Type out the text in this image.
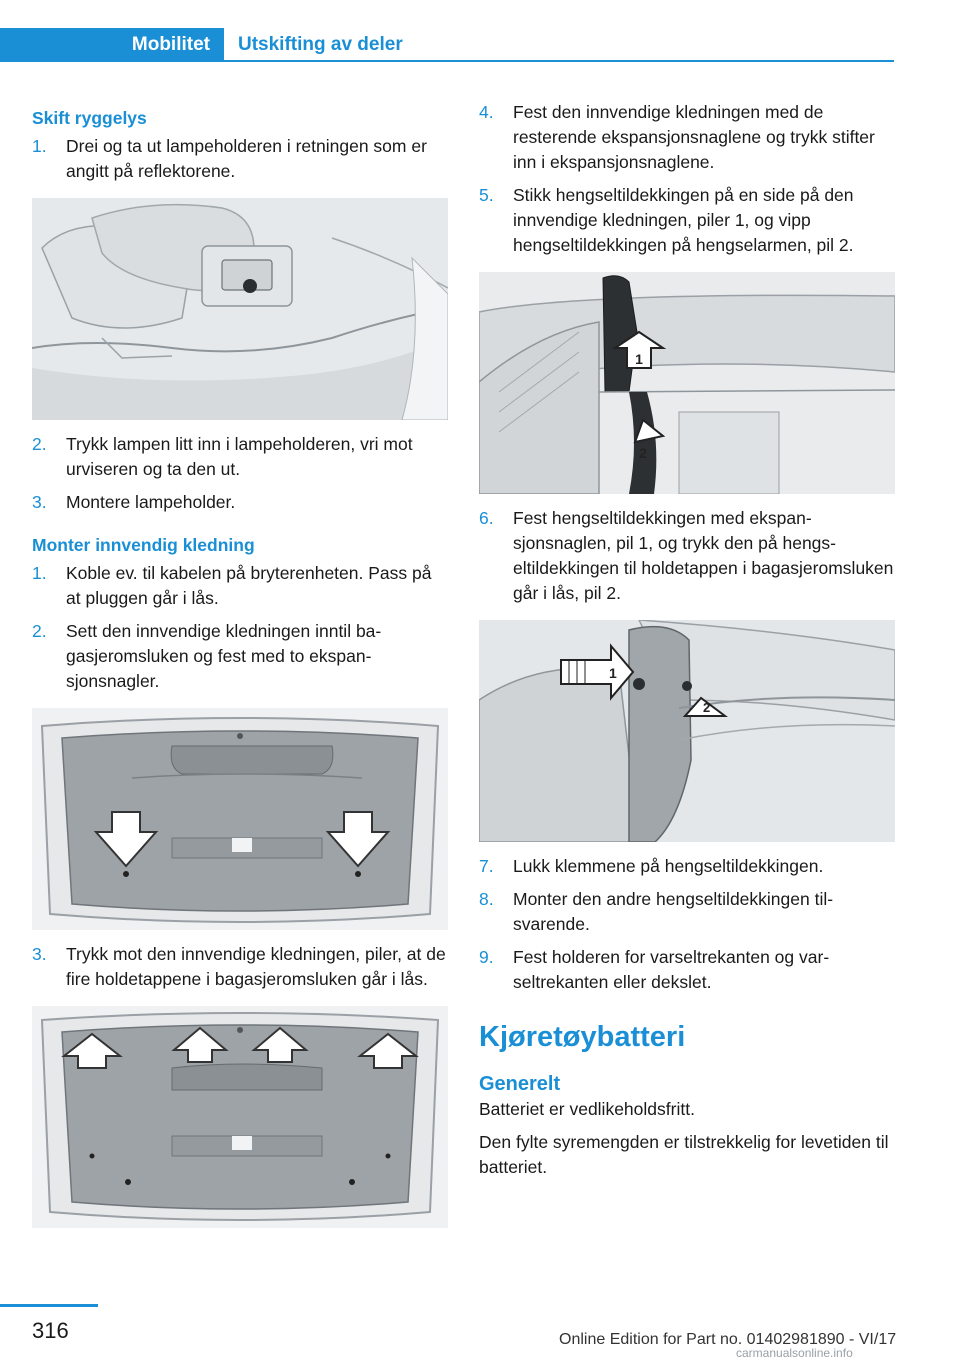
Mobilitet	Utskifting av deler
Skift ryggelys
1.	Drei og ta ut lampeholderen i retningen som er angitt på reflektorene.
2.	Trykk lampen litt inn i lampeholderen, vri mot urviseren og ta den ut.
3.	Montere lampeholder.
Monter innvendig kledning
1.	Koble ev. til kabelen på bryterenheten. Pass på at pluggen går i lås.
2.	Sett den innvendige kledningen inntil bagasjeromsluken og fest med to ekspansjonsnagler.
3.	Trykk mot den innvendige kledningen, piler, at de fire holdetappene i bagasjeromsluken går i lås.
4.	Fest den innvendige kledningen med de resterende ekspansjonsnaglene og trykk stifter inn i ekspansjonsnaglene.
5.	Stikk hengseltildekkingen på en side på den innvendige kledningen, piler 1, og vipp hengseltildekkingen på hengselarmen, pil 2.
1
2
6.	Fest hengseltildekkingen med ekspansjonsnaglen, pil 1, og trykk den på hengseltildekkingen til holdetappen i bagasjeromsluken går i lås, pil 2.
1
2
7.	Lukk klemmene på hengseltildekkingen.
8.	Monter den andre hengseltildekkingen tilsvarende.
9.	Fest holderen for varseltrekanten og varseltrekanten eller dekslet.
Kjøretøybatteri
Generelt

Batteriet er vedlikeholdsfritt.

Den fylte syremengden er tilstrekkelig for levetiden til batteriet.

316	Online Edition for Part no. 01402981890 - VI/17
carmanualsonline.info
